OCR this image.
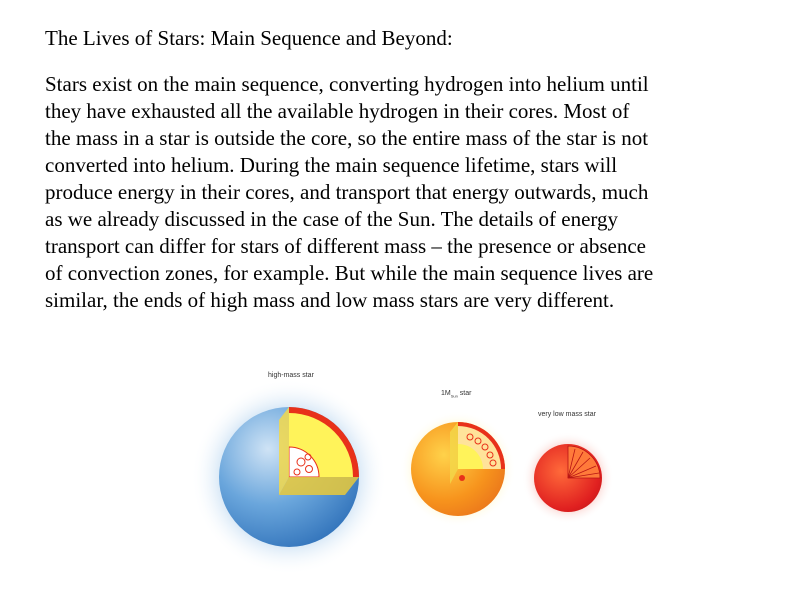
The Lives of Stars: Main Sequence and Beyond:
Stars exist on the main sequence, converting hydrogen into helium until
they have exhausted all the available hydrogen in their cores. Most of
the mass in a star is outside the core, so the entire mass of the star is not
converted into helium. During the main sequence lifetime, stars will
produce energy in their cores, and transport that energy outwards, much
as we already discussed in the case of the Sun. The details of energy
transport can differ for stars of different mass – the presence or absence
of convection zones, for example. But while the main sequence lives are
similar, the ends of high mass and low mass stars are very different.
high-mass star
$1M_{Sun}$ star
very low mass star
